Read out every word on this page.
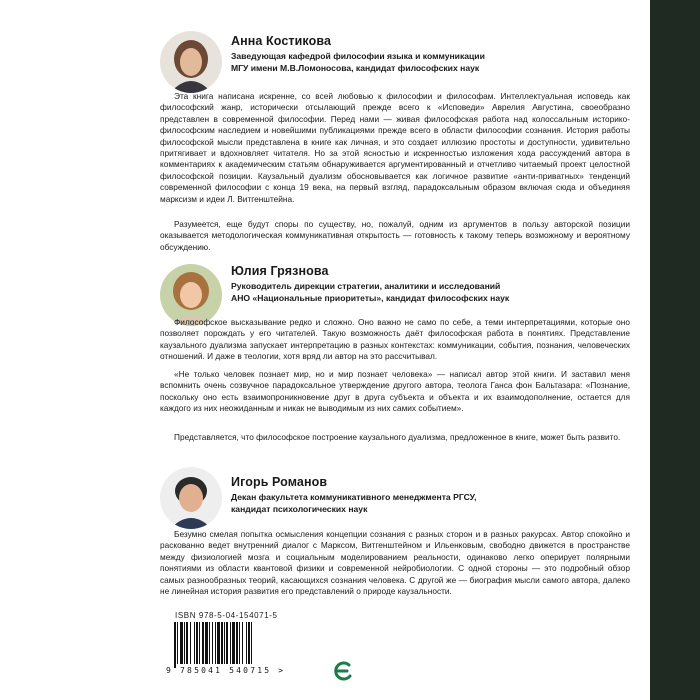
Анна Костикова
Заведующая кафедрой философии языка и коммуникации
МГУ имени М.В.Ломоносова, кандидат философских наук

Эта книга написана искренне, со всей любовью к философии и философам. Интеллектуальная исповедь как философский жанр, исторически отсылающий прежде всего к «Исповеди» Аврелия Августина, своеобразно представлен в современной философии. Перед нами — живая философская работа над колоссальным историко-философским наследием и новейшими публикациями прежде всего в области философии сознания. История работы философской мысли представлена в книге как личная, и это создает иллюзию простоты и доступности, удивительно притягивает и вдохновляет читателя. Но за этой ясностью и искренностью изложения хода рассуждений автора в комментариях к академическим статьям обнаруживается аргументированный и отчетливо читаемый проект целостной философской позиции. Каузальный дуализм обосновывается как логичное развитие «анти-приватных» тенденций современной философии с конца 19 века, на первый взгляд, парадоксальным образом включая сюда и объединяя марксизм и идеи Л. Витгенштейна.

Разумеется, еще будут споры по существу, но, пожалуй, одним из аргументов в пользу авторской позиции оказывается методологическая коммуникативная открытость — готовность к такому теперь возможному и вероятному обсуждению.

Юлия Грязнова
Руководитель дирекции стратегии, аналитики и исследований
АНО «Национальные приоритеты», кандидат философских наук

Философское высказывание редко и сложно. Оно важно не само по себе, а теми интерпретациями, которые оно позволяет порождать у его читателей. Такую возможность даёт философская работа в понятиях. Представление каузального дуализма запускает интерпретацию в разных контекстах: коммуникации, события, познания, человеческих отношений. И даже в теологии, хотя вряд ли автор на это рассчитывал.

«Не только человек познает мир, но и мир познает человека» — написал автор этой книги. И заставил меня вспомнить очень созвучное парадоксальное утверждение другого автора, теолога Ганса фон Бальтазара: «Познание, поскольку оно есть взаимопроникновение друг в друга субъекта и объекта и их взаимодополнение, остается для каждого из них неожиданным и никак не выводимым из них самих событием».

Представляется, что философское построение каузального дуализма, предложенное в книге, может быть развито.

Игорь Романов
Декан факультета коммуникативного менеджмента РГСУ,
кандидат психологических наук

Безумно смелая попытка осмысления концепции сознания с разных сторон и в разных ракурсах. Автор спокойно и раскованно ведет внутренний диалог с Марксом, Витгенштейном и Ильенковым, свободно движется в пространстве между физиологией мозга и социальным моделированием реальности, одинаково легко оперирует полярными понятиями из области квантовой физики и современной нейробиологии. С одной стороны — это подробный обзор самых разнообразных теорий, касающихся сознания человека. С другой же — биография мысли самого автора, далеко не линейная история развития его представлений о природе каузальности.

ISBN 978-5-04-154071-5
9 785041 540715 >
